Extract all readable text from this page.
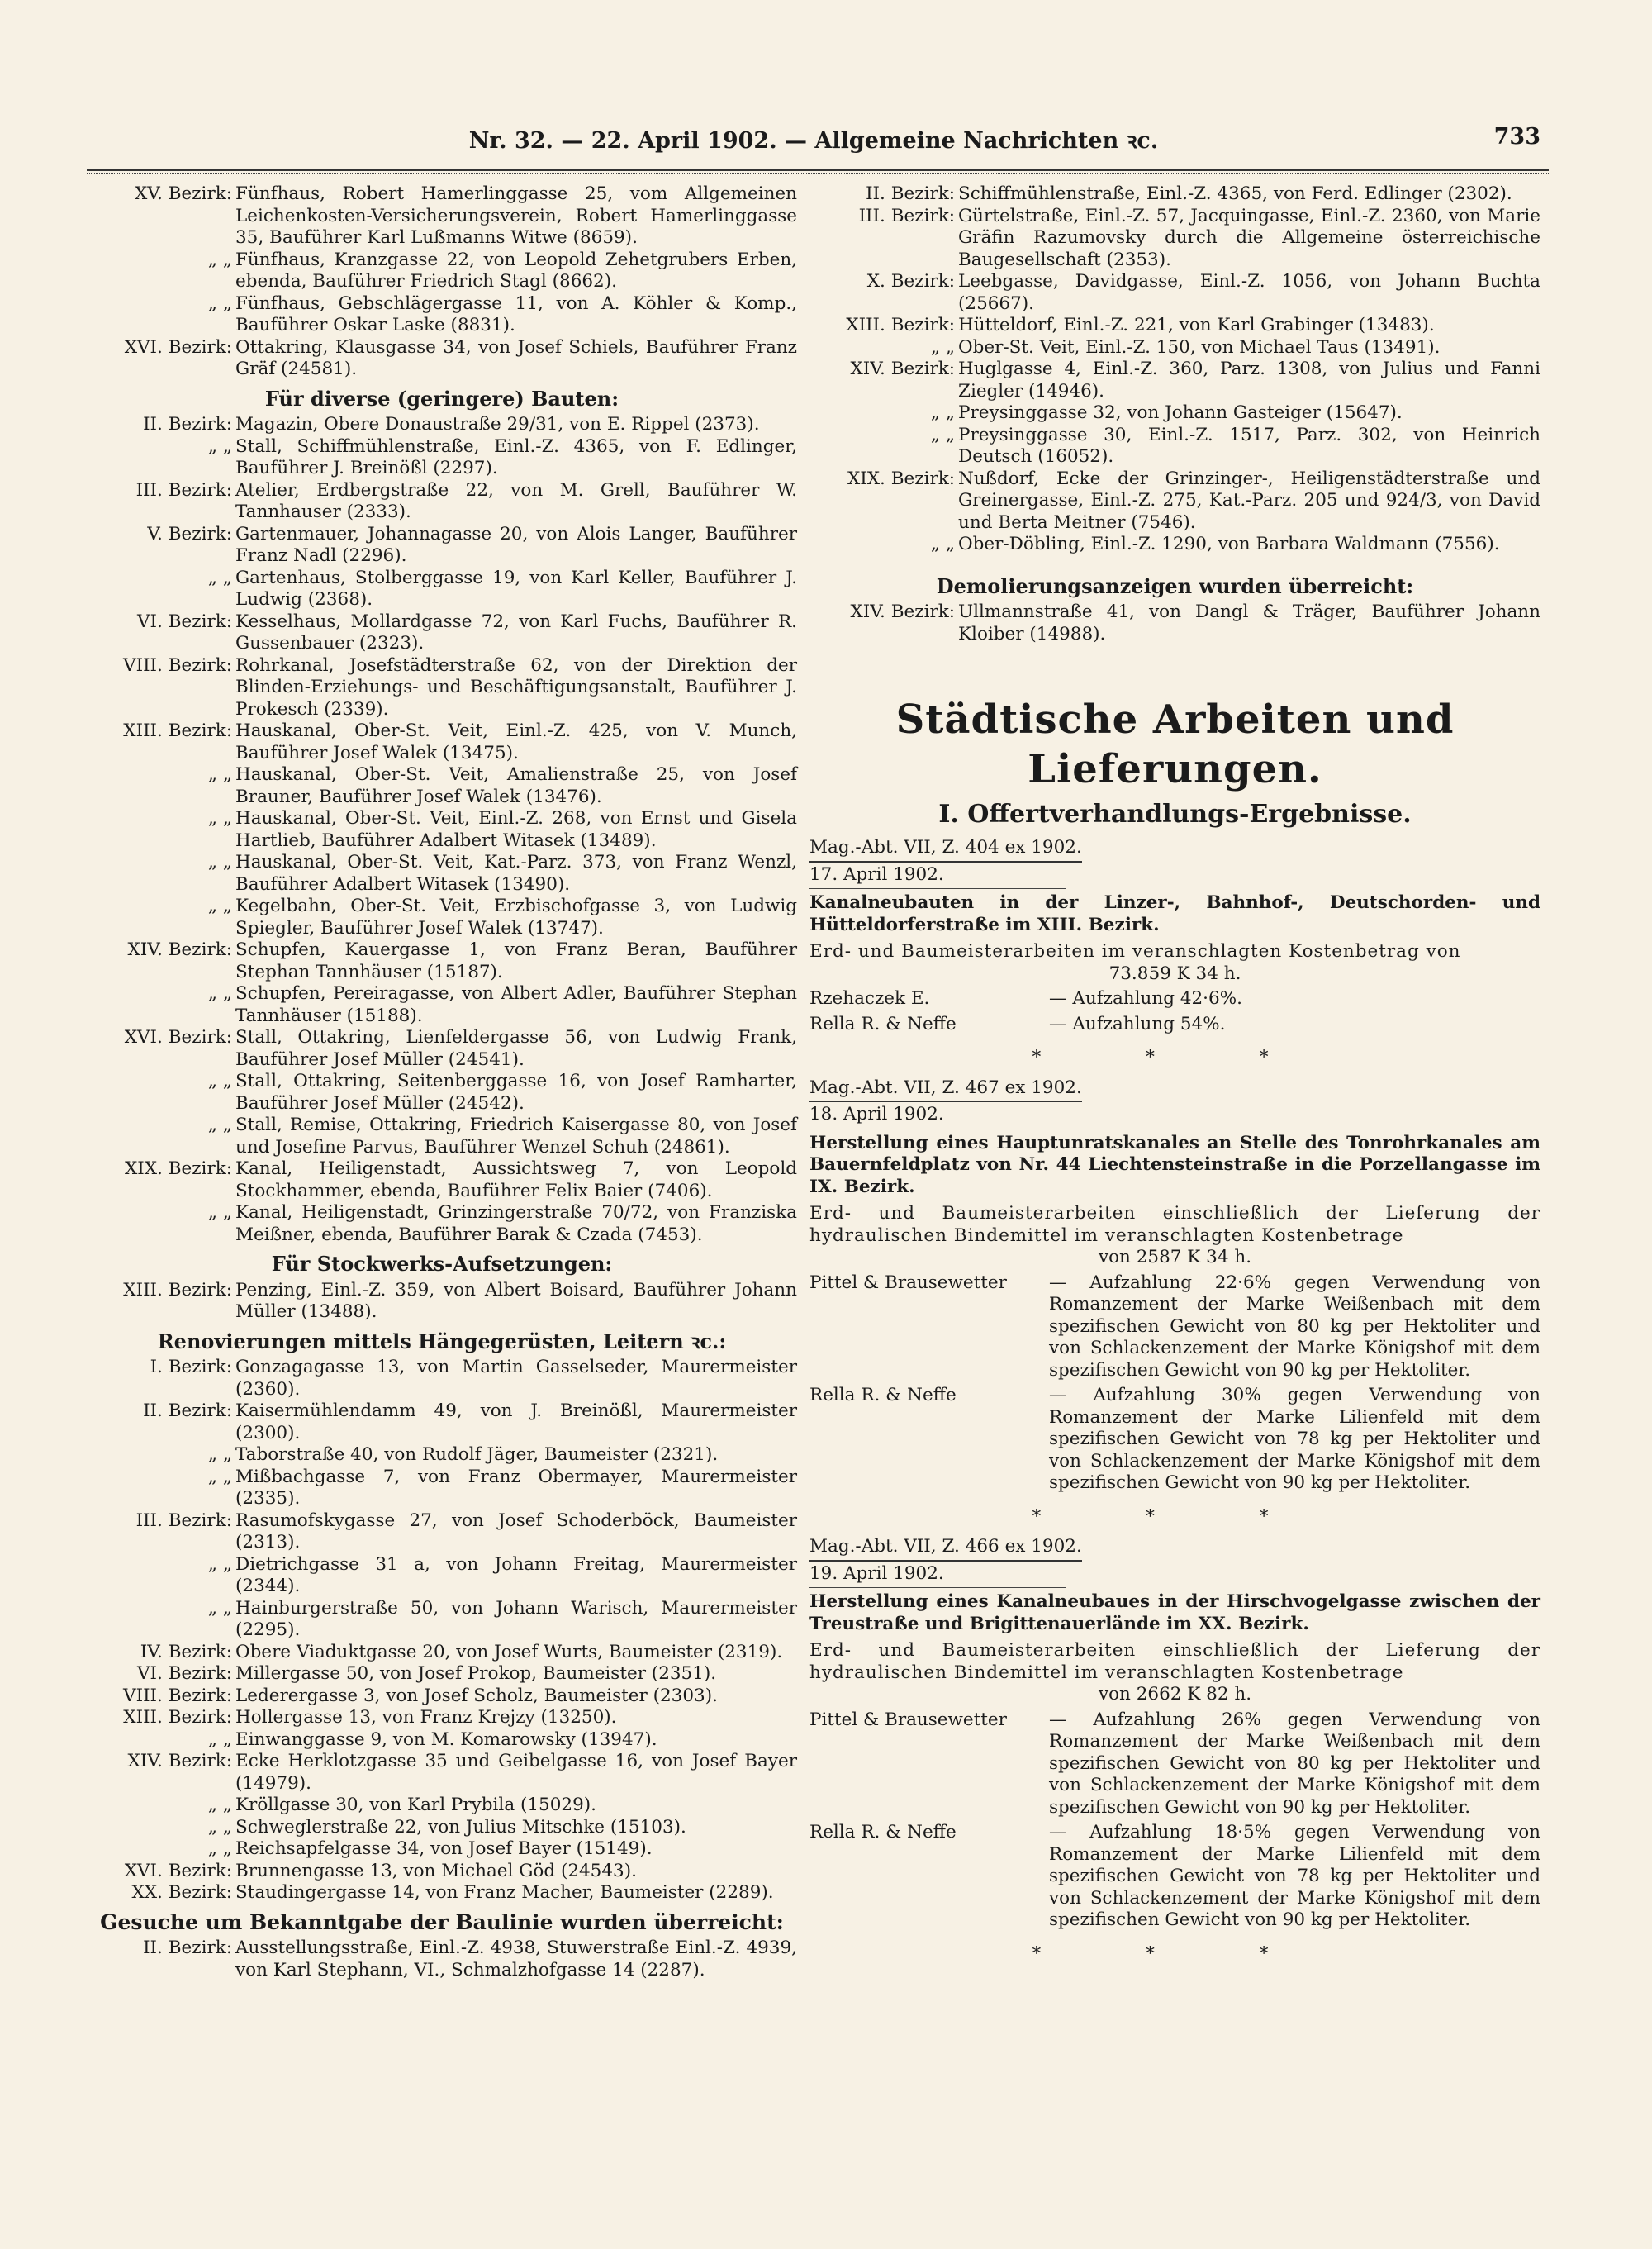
Nr. 32. — 22. April 1902. — Allgemeine Nachrichten ꝛc.	733
XV. Bezirk: Fünfhaus, Robert Hamerlinggasse 25, vom Allgemeinen Leichenkosten-Versicherungsverein, Robert Hamerlinggasse 35, Bauführer Karl Lußmanns Witwe (8659).
„ „ Fünfhaus, Kranzgasse 22, von Leopold Zehetgrubers Erben, ebenda, Bauführer Friedrich Stagl (8662).
„ „ Fünfhaus, Gebschlägergasse 11, von A. Köhler & Komp., Bauführer Oskar Laske (8831).
XVI. Bezirk: Ottakring, Klausgasse 34, von Josef Schiels, Bauführer Franz Gräf (24581).
Für diverse (geringere) Bauten:
II. Bezirk: Magazin, Obere Donaustraße 29/31, von E. Rippel (2373).
„ „ Stall, Schiffmühlenstraße, Einl.-Z. 4365, von F. Edlinger, Bauführer J. Breinößl (2297).
III. Bezirk: Atelier, Erdbergstraße 22, von M. Grell, Bauführer W. Tannhauser (2333).
V. Bezirk: Gartenmauer, Johannagasse 20, von Alois Langer, Bauführer Franz Nadl (2296).
„ „ Gartenhaus, Stolberggasse 19, von Karl Keller, Bauführer J. Ludwig (2368).
VI. Bezirk: Kesselhaus, Mollardgasse 72, von Karl Fuchs, Bauführer R. Gussenbauer (2323).
VIII. Bezirk: Rohrkanal, Josefstädterstraße 62, von der Direktion der Blinden-Erziehungs- und Beschäftigungsanstalt, Bauführer J. Prokesch (2339).
XIII. Bezirk: Hauskanal, Ober-St. Veit, Einl.-Z. 425, von V. Munch, Bauführer Josef Walek (13475).
„ „ Hauskanal, Ober-St. Veit, Amalienstraße 25, von Josef Brauner, Bauführer Josef Walek (13476).
„ „ Hauskanal, Ober-St. Veit, Einl.-Z. 268, von Ernst und Gisela Hartlieb, Bauführer Adalbert Witasek (13489).
„ „ Hauskanal, Ober-St. Veit, Kat.-Parz. 373, von Franz Wenzl, Bauführer Adalbert Witasek (13490).
„ „ Kegelbahn, Ober-St. Veit, Erzbischofgasse 3, von Ludwig Spiegler, Bauführer Josef Walek (13747).
XIV. Bezirk: Schupfen, Kauergasse 1, von Franz Beran, Bauführer Stephan Tannhäuser (15187).
„ „ Schupfen, Pereiragasse, von Albert Adler, Bauführer Stephan Tannhäuser (15188).
XVI. Bezirk: Stall, Ottakring, Lienfeldergasse 56, von Ludwig Frank, Bauführer Josef Müller (24541).
„ „ Stall, Ottakring, Seitenberggasse 16, von Josef Ramharter, Bauführer Josef Müller (24542).
„ „ Stall, Remise, Ottakring, Friedrich Kaisergasse 80, von Josef und Josefine Parvus, Bauführer Wenzel Schuh (24861).
XIX. Bezirk: Kanal, Heiligenstadt, Aussichtsweg 7, von Leopold Stockhammer, ebenda, Bauführer Felix Baier (7406).
„ „ Kanal, Heiligenstadt, Grinzingerstraße 70/72, von Franziska Meißner, ebenda, Bauführer Barak & Czada (7453).
Für Stockwerks-Aufsetzungen:
XIII. Bezirk: Penzing, Einl.-Z. 359, von Albert Boisard, Bauführer Johann Müller (13488).
Renovierungen mittels Hängegerüsten, Leitern ꝛc.:
I. Bezirk: Gonzagagasse 13, von Martin Gasselseder, Maurermeister (2360).
II. Bezirk: Kaisermühlendamm 49, von J. Breinößl, Maurermeister (2300).
„ „ Taborstraße 40, von Rudolf Jäger, Baumeister (2321).
„ „ Mißbachgasse 7, von Franz Obermayer, Maurermeister (2335).
III. Bezirk: Rasumofskygasse 27, von Josef Schoderböck, Baumeister (2313).
„ „ Dietrichgasse 31 a, von Johann Freitag, Maurermeister (2344).
„ „ Hainburgerstraße 50, von Johann Warisch, Maurermeister (2295).
IV. Bezirk: Obere Viaduktgasse 20, von Josef Wurts, Baumeister (2319).
VI. Bezirk: Millergasse 50, von Josef Prokop, Baumeister (2351).
VIII. Bezirk: Lederergasse 3, von Josef Scholz, Baumeister (2303).
XIII. Bezirk: Hollergasse 13, von Franz Krejzy (13250).
„ „ Einwanggasse 9, von M. Komarowsky (13947).
XIV. Bezirk: Ecke Herklotzgasse 35 und Geibelgasse 16, von Josef Bayer (14979).
„ „ Kröllgasse 30, von Karl Prybila (15029).
„ „ Schweglerstraße 22, von Julius Mitschke (15103).
„ „ Reichsapfelgasse 34, von Josef Bayer (15149).
XVI. Bezirk: Brunnengasse 13, von Michael Göd (24543).
XX. Bezirk: Staudingergasse 14, von Franz Macher, Baumeister (2289).
Gesuche um Bekanntgabe der Baulinie wurden überreicht:
II. Bezirk: Ausstellungsstraße, Einl.-Z. 4938, Stuwerstraße Einl.-Z. 4939, von Karl Stephann, VI., Schmalzhofgasse 14 (2287).
II. Bezirk: Schiffmühlenstraße, Einl.-Z. 4365, von Ferd. Edlinger (2302).
III. Bezirk: Gürtelstraße, Einl.-Z. 57, Jacquingasse, Einl.-Z. 2360, von Marie Gräfin Razumovsky durch die Allgemeine österreichische Baugesellschaft (2353).
X. Bezirk: Leebgasse, Davidgasse, Einl.-Z. 1056, von Johann Buchta (25667).
XIII. Bezirk: Hütteldorf, Einl.-Z. 221, von Karl Grabinger (13483).
„ „ Ober-St. Veit, Einl.-Z. 150, von Michael Taus (13491).
XIV. Bezirk: Huglgasse 4, Einl.-Z. 360, Parz. 1308, von Julius und Fanni Ziegler (14946).
„ „ Preysinggasse 32, von Johann Gasteiger (15647).
„ „ Preysinggasse 30, Einl.-Z. 1517, Parz. 302, von Heinrich Deutsch (16052).
XIX. Bezirk: Nußdorf, Ecke der Grinzinger-, Heiligenstädterstraße und Greinergasse, Einl.-Z. 275, Kat.-Parz. 205 und 924/3, von David und Berta Meitner (7546).
„ „ Ober-Döbling, Einl.-Z. 1290, von Barbara Waldmann (7556).
Demolierungsanzeigen wurden überreicht:
XIV. Bezirk: Ullmannstraße 41, von Dangl & Träger, Bauführer Johann Kloiber (14988).
Städtische Arbeiten und Lieferungen.
I. Offertverhandlungs-Ergebnisse.
Mag.-Abt. VII, Z. 404 ex 1902.
17. April 1902.
Kanalneubauten in der Linzer-, Bahnhof-, Deutschorden- und Hütteldorferstraße im XIII. Bezirk.
Erd- und Baumeisterarbeiten im veranschlagten Kostenbetrag von
73.859 K 34 h.
Rzehaczek E.	— Aufzahlung 42·6%.
Rella R. & Neffe	— Aufzahlung 54%.
* * *
Mag.-Abt. VII, Z. 467 ex 1902.
18. April 1902.
Herstellung eines Hauptunratskanales an Stelle des Tonrohrkanales am Bauernfeldplatz von Nr. 44 Liechtensteinstraße in die Porzellangasse im IX. Bezirk.
Erd- und Baumeisterarbeiten einschließlich der Lieferung der hydraulischen Bindemittel im veranschlagten Kostenbetrage
von 2587 K 34 h.
Pittel & Brausewetter	— Aufzahlung 22·6% gegen Verwendung von Romanzement der Marke Weißenbach mit dem spezifischen Gewicht von 80 kg per Hektoliter und von Schlackenzement der Marke Königshof mit dem spezifischen Gewicht von 90 kg per Hektoliter.
Rella R. & Neffe	— Aufzahlung 30% gegen Verwendung von Romanzement der Marke Lilienfeld mit dem spezifischen Gewicht von 78 kg per Hektoliter und von Schlackenzement der Marke Königshof mit dem spezifischen Gewicht von 90 kg per Hektoliter.
* * *
Mag.-Abt. VII, Z. 466 ex 1902.
19. April 1902.
Herstellung eines Kanalneubaues in der Hirschvogelgasse zwischen der Treustraße und Brigittenauerlände im XX. Bezirk.
Erd- und Baumeisterarbeiten einschließlich der Lieferung der hydraulischen Bindemittel im veranschlagten Kostenbetrage
von 2662 K 82 h.
Pittel & Brausewetter	— Aufzahlung 26% gegen Verwendung von Romanzement der Marke Weißenbach mit dem spezifischen Gewicht von 80 kg per Hektoliter und von Schlackenzement der Marke Königshof mit dem spezifischen Gewicht von 90 kg per Hektoliter.
Rella R. & Neffe	— Aufzahlung 18·5% gegen Verwendung von Romanzement der Marke Lilienfeld mit dem spezifischen Gewicht von 78 kg per Hektoliter und von Schlackenzement der Marke Königshof mit dem spezifischen Gewicht von 90 kg per Hektoliter.
* * *
